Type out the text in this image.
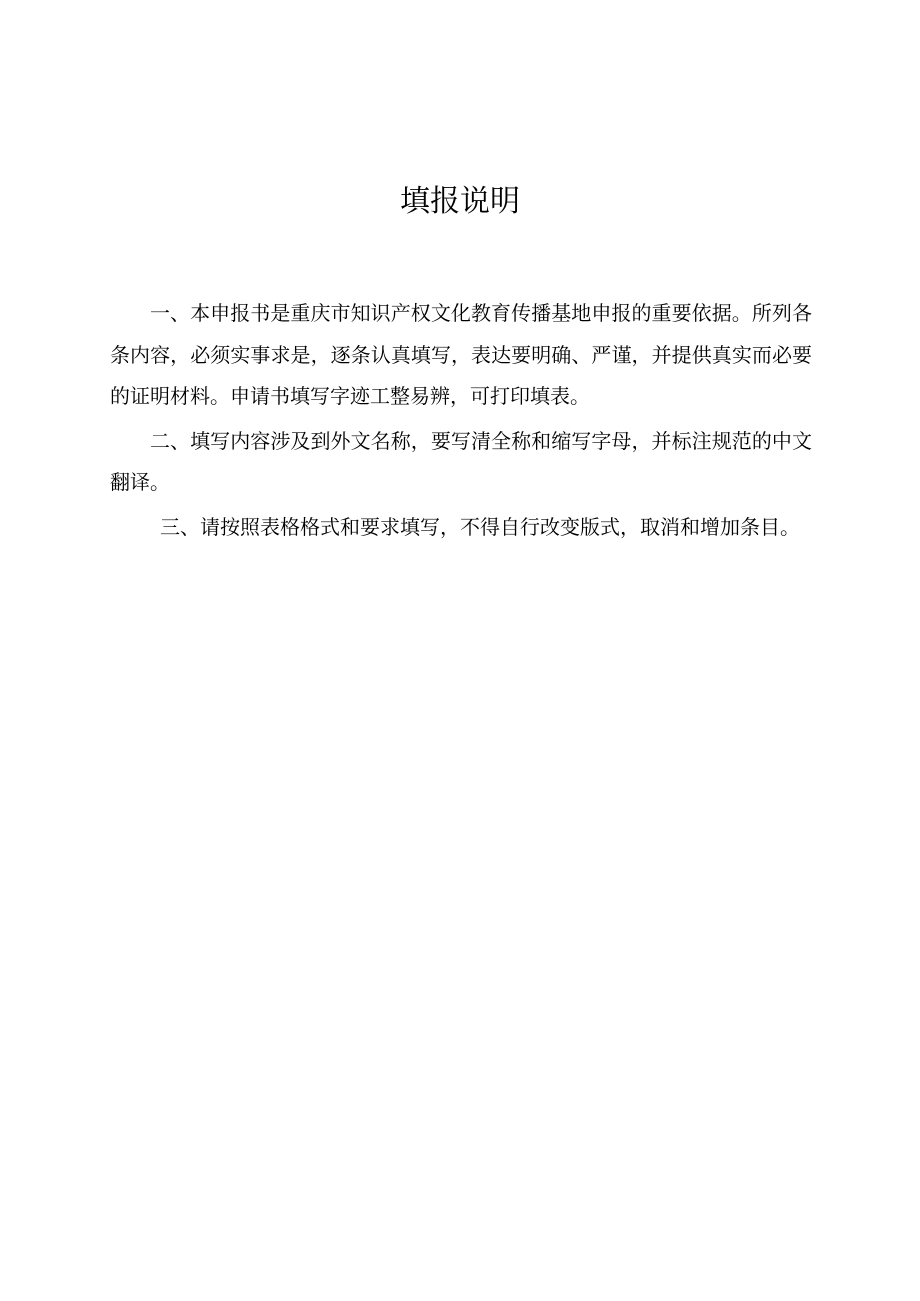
填报说明

一、本申报书是重庆市知识产权文化教育传播基地申报的重要依据。所列各条内容，必须实事求是，逐条认真填写，表达要明确、严谨，并提供真实而必要的证明材料。申请书填写字迹工整易辨，可打印填表。

二、填写内容涉及到外文名称，要写清全称和缩写字母，并标注规范的中文翻译。

三、请按照表格格式和要求填写，不得自行改变版式，取消和增加条目。
